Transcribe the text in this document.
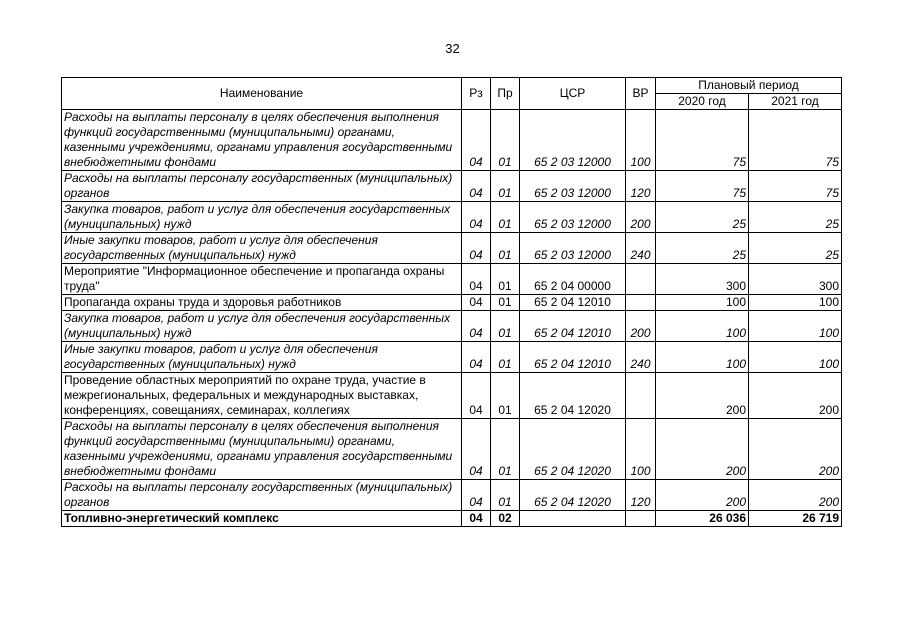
32
Наименование	Рз	Пр	ЦСР	ВР	Плановый период	
					2020 год	2021 год
Расходы на выплаты персоналу в целях обеспечения выполнения функций государственными (муниципальными) органами, казенными учреждениями, органами управления государственными внебюджетными фондами	04	01	65 2 03 12000	100	75	75
Расходы на выплаты персоналу государственных (муниципальных) органов	04	01	65 2 03 12000	120	75	75
Закупка товаров, работ и услуг для обеспечения государственных (муниципальных) нужд	04	01	65 2 03 12000	200	25	25
Иные закупки товаров, работ и услуг для обеспечения государственных (муниципальных) нужд	04	01	65 2 03 12000	240	25	25
Мероприятие "Информационное обеспечение и пропаганда охраны труда"	04	01	65 2 04 00000		300	300
Пропаганда охраны труда и здоровья работников	04	01	65 2 04 12010		100	100
Закупка товаров, работ и услуг для обеспечения государственных (муниципальных) нужд	04	01	65 2 04 12010	200	100	100
Иные закупки товаров, работ и услуг для обеспечения государственных (муниципальных) нужд	04	01	65 2 04 12010	240	100	100
Проведение областных мероприятий по охране труда, участие в межрегиональных, федеральных и международных выставках, конференциях, совещаниях, семинарах, коллегиях	04	01	65 2 04 12020		200	200
Расходы на выплаты персоналу в целях обеспечения выполнения функций государственными (муниципальными) органами, казенными учреждениями, органами управления государственными внебюджетными фондами	04	01	65 2 04 12020	100	200	200
Расходы на выплаты персоналу государственных (муниципальных) органов	04	01	65 2 04 12020	120	200	200
Топливно-энергетический комплекс	04	02			26 036	26 719
